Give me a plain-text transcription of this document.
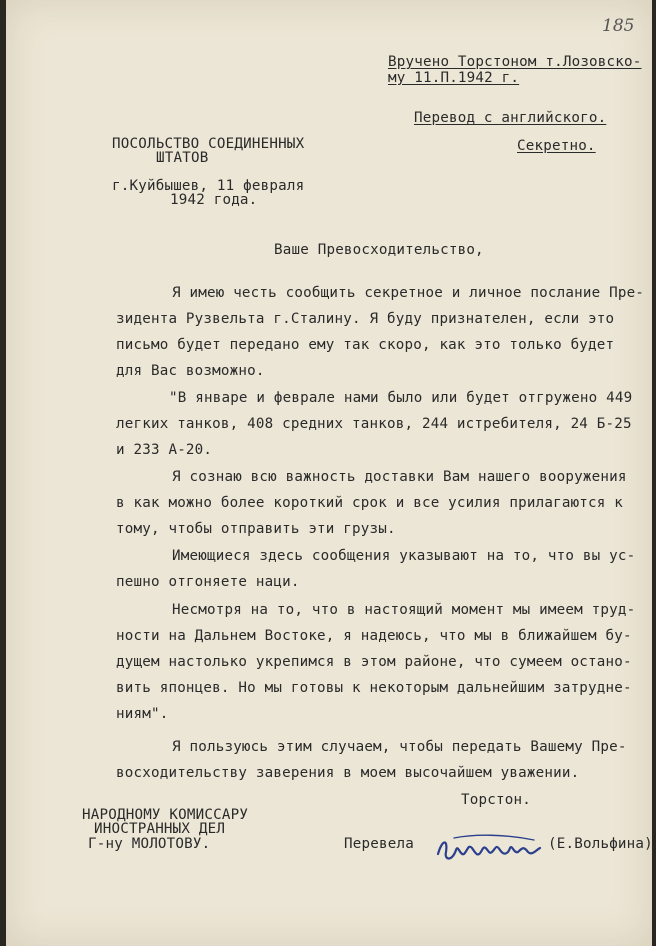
185
Вручено Торстоном т.Лозовско-
му 11.П.1942 г.
Перевод с английского.
Секретно.
ПОСОЛЬСТВО СОЕДИНЕННЫХ
ШТАТОВ
г.Куйбышев, 11 февраля
1942 года.
Ваше Превосходительство,
Я имею честь сообщить секретное и личное послание Пре-
зидента Рузвельта г.Сталину. Я буду признателен, если это
письмо будет передано ему так скоро, как это только будет
для Вас возможно.
"В январе и феврале нами было или будет отгружено 449
легких танков, 408 средних танков, 244 истребителя, 24 Б-25
и 233 А-20.
Я сознаю всю важность доставки Вам нашего вооружения
в как можно более короткий срок и все усилия прилагаются к
тому, чтобы отправить эти грузы.
Имеющиеся здесь сообщения указывают на то, что вы ус-
пешно отгоняете наци.
Несмотря на то, что в настоящий момент мы имеем труд-
ности на Дальнем Востоке, я надеюсь, что мы в ближайшем бу-
дущем настолько укрепимся в этом районе, что сумеем остано-
вить японцев. Но мы готовы к некоторым дальнейшим затрудне-
ниям".
Я пользуюсь этим случаем, чтобы передать Вашему Пре-
восходительству заверения в моем высочайшем уважении.
Торстон.
НАРОДНОМУ КОМИССАРУ
ИНОСТРАННЫХ ДЕЛ
Г-ну МОЛОТОВУ.	Перевела	(Е.Вольфина)
